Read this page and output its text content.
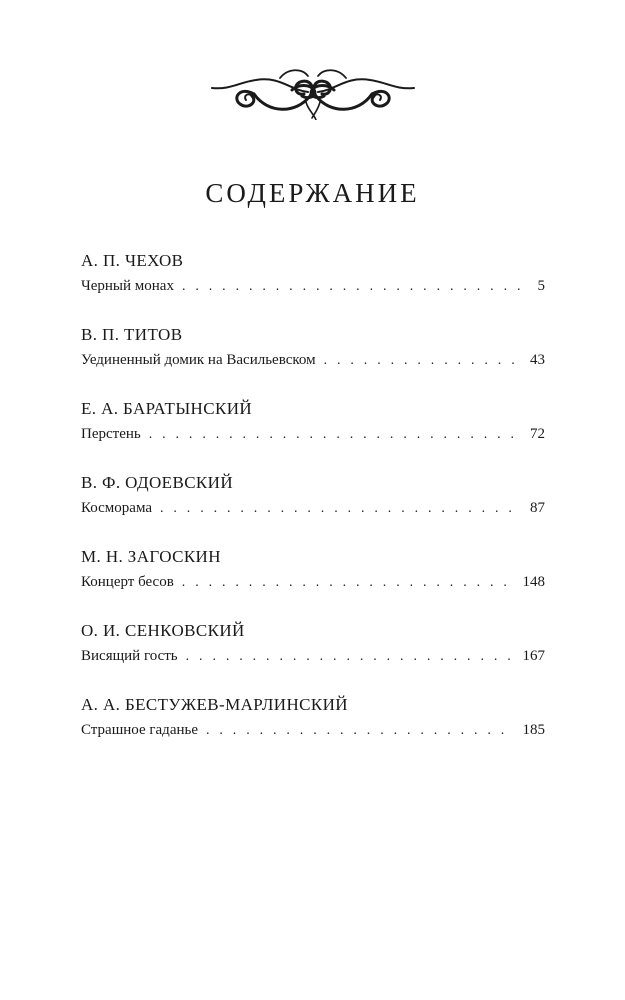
СОДЕРЖАНИЕ
А. П. ЧЕХОВ
Черный монах . . .	5
В. П. ТИТОВ
Уединенный домик на Васильевском . . .	43
Е. А. БАРАТЫНСКИЙ
Перстень . . .	72
В. Ф. ОДОЕВСКИЙ
Косморама . . .	87
М. Н. ЗАГОСКИН
Концерт бесов . . .	148
О. И. СЕНКОВСКИЙ
Висящий гость . . .	167
А. А. БЕСТУЖЕВ-МАРЛИНСКИЙ
Страшное гаданье . . .	185
